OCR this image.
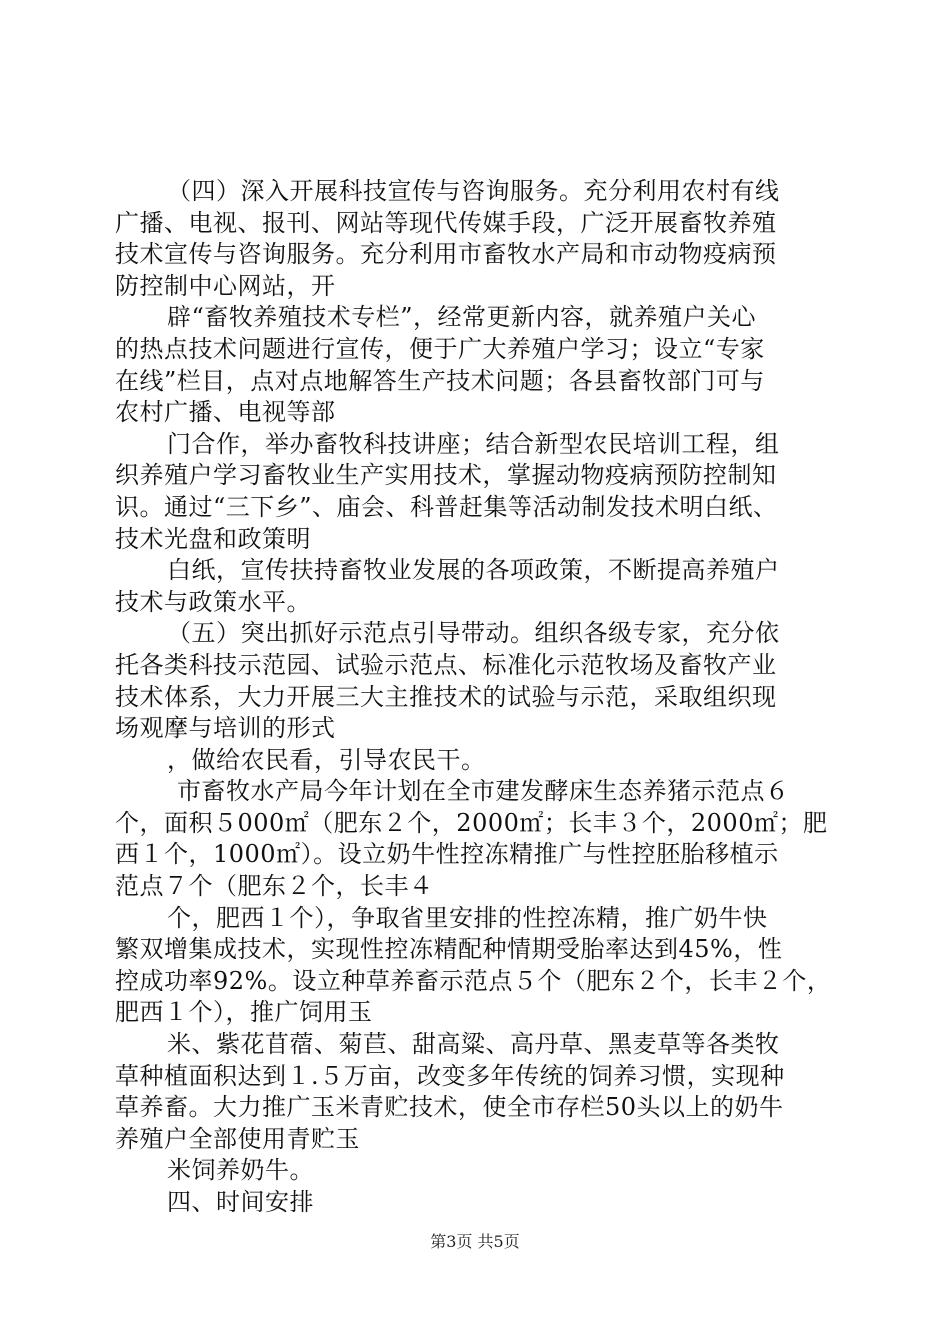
（四）深入开展科技宣传与咨询服务。充分利用农村有线
广播、电视、报刊、网站等现代传媒手段，广泛开展畜牧养殖
技术宣传与咨询服务。充分利用市畜牧水产局和市动物疫病预
防控制中心网站，开
辟“畜牧养殖技术专栏”，经常更新内容，就养殖户关心
的热点技术问题进行宣传，便于广大养殖户学习；设立“专家
在线”栏目，点对点地解答生产技术问题；各县畜牧部门可与
农村广播、电视等部
门合作，举办畜牧科技讲座；结合新型农民培训工程，组
织养殖户学习畜牧业生产实用技术，掌握动物疫病预防控制知
识。通过“三下乡”、庙会、科普赶集等活动制发技术明白纸、
技术光盘和政策明
白纸，宣传扶持畜牧业发展的各项政策，不断提高养殖户
技术与政策水平。
（五）突出抓好示范点引导带动。组织各级专家，充分依
托各类科技示范园、试验示范点、标准化示范牧场及畜牧产业
技术体系，大力开展三大主推技术的试验与示范，采取组织现
场观摩与培训的形式
，做给农民看，引导农民干。
市畜牧水产局今年计划在全市建发酵床生态养猪示范点６
个，面积５000㎡（肥东２个，2000㎡；长丰３个，2000㎡；肥
西１个，1000㎡）。设立奶牛性控冻精推广与性控胚胎移植示
范点７个（肥东２个，长丰４
个，肥西１个），争取省里安排的性控冻精，推广奶牛快
繁双增集成技术，实现性控冻精配种情期受胎率达到45%，性
控成功率92%。设立种草养畜示范点５个（肥东２个，长丰２个，
肥西１个），推广饲用玉
米、紫花苜蓿、菊苣、甜高粱、高丹草、黑麦草等各类牧
草种植面积达到１.５万亩，改变多年传统的饲养习惯，实现种
草养畜。大力推广玉米青贮技术，使全市存栏50头以上的奶牛
养殖户全部使用青贮玉
米饲养奶牛。
四、时间安排
第3页 共5页
